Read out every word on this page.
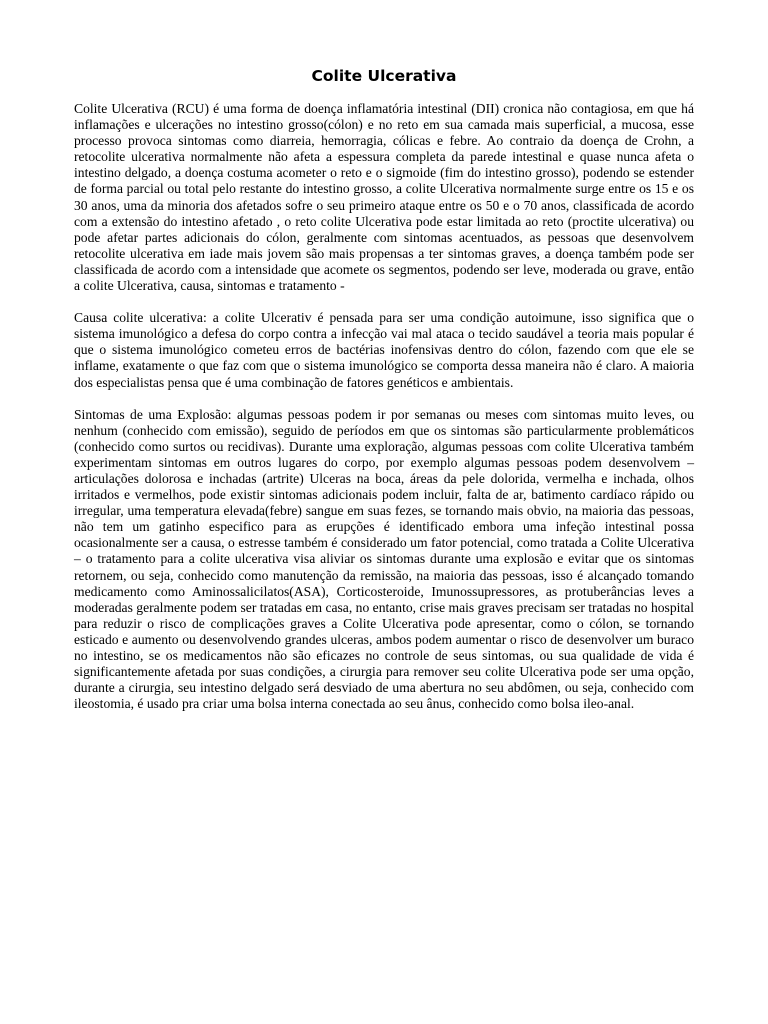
Colite Ulcerativa

Colite Ulcerativa (RCU) é uma forma de doença inflamatória intestinal (DII) cronica não contagiosa, em que há inflamações e ulcerações no intestino grosso(cólon) e no reto em sua camada mais superficial, a mucosa, esse processo provoca sintomas como diarreia, hemorragia, cólicas e febre. Ao contraio da doença de Crohn, a retocolite ulcerativa normalmente não afeta a espessura completa da parede intestinal e quase nunca afeta o intestino delgado, a doença costuma acometer o reto e o sigmoide (fim do intestino grosso), podendo se estender de forma parcial ou total pelo restante do intestino grosso, a colite Ulcerativa normalmente surge entre os 15 e os 30 anos, uma da minoria dos afetados sofre o seu primeiro ataque entre os 50 e o 70 anos, classificada de acordo com a extensão do intestino afetado , o reto colite Ulcerativa pode estar limitada ao reto (proctite ulcerativa) ou pode afetar partes adicionais do cólon, geralmente com sintomas acentuados, as pessoas que desenvolvem retocolite ulcerativa em iade mais jovem são mais propensas a ter sintomas graves, a doença também pode ser classificada de acordo com a intensidade que acomete os segmentos, podendo ser leve, moderada ou grave, então a colite Ulcerativa, causa, sintomas e tratamento -

Causa colite ulcerativa: a colite Ulcerativ é pensada para ser uma condição autoimune, isso significa que o sistema imunológico a defesa do corpo contra a infecção vai mal ataca o tecido saudável a teoria mais popular é que o sistema imunológico cometeu erros de bactérias inofensivas dentro do cólon, fazendo com que ele se inflame, exatamente o que faz com que o sistema imunológico se comporta dessa maneira não é claro. A maioria dos especialistas pensa que é uma combinação de fatores genéticos e ambientais.

Sintomas de uma Explosão: algumas pessoas podem ir por semanas ou meses com sintomas muito leves, ou nenhum (conhecido com emissão), seguido de períodos em que os sintomas são particularmente problemáticos (conhecido como surtos ou recidivas). Durante uma exploração, algumas pessoas com colite Ulcerativa também experimentam sintomas em outros lugares do corpo, por exemplo algumas pessoas podem desenvolvem – articulações dolorosa e inchadas (artrite) Ulceras na boca, áreas da pele dolorida, vermelha e inchada, olhos irritados e vermelhos, pode existir sintomas adicionais podem incluir, falta de ar, batimento cardíaco rápido ou irregular, uma temperatura elevada(febre) sangue em suas fezes, se tornando mais obvio, na maioria das pessoas, não tem um gatinho especifico para as erupções é identificado embora uma infeção intestinal possa ocasionalmente ser a causa, o estresse também é considerado um fator potencial, como tratada a Colite Ulcerativa – o tratamento para a colite ulcerativa visa aliviar os sintomas durante uma explosão e evitar que os sintomas retornem, ou seja, conhecido como manutenção da remissão, na maioria das pessoas, isso é alcançado tomando medicamento como Aminossalicilatos(ASA), Corticosteroide, Imunossupressores, as protuberâncias leves a moderadas geralmente podem ser tratadas em casa, no entanto, crise mais graves precisam ser tratadas no hospital para reduzir o risco de complicações graves a Colite Ulcerativa pode apresentar, como o cólon, se tornando esticado e aumento ou desenvolvendo grandes ulceras, ambos podem aumentar o risco de desenvolver um buraco no intestino, se os medicamentos não são eficazes no controle de seus sintomas, ou sua qualidade de vida é significantemente afetada por suas condições, a cirurgia para remover seu colite Ulcerativa pode ser uma opção, durante a cirurgia, seu intestino delgado será desviado de uma abertura no seu abdômen, ou seja, conhecido com ileostomia, é usado pra criar uma bolsa interna conectada ao seu ânus, conhecido como bolsa ileo-anal.
